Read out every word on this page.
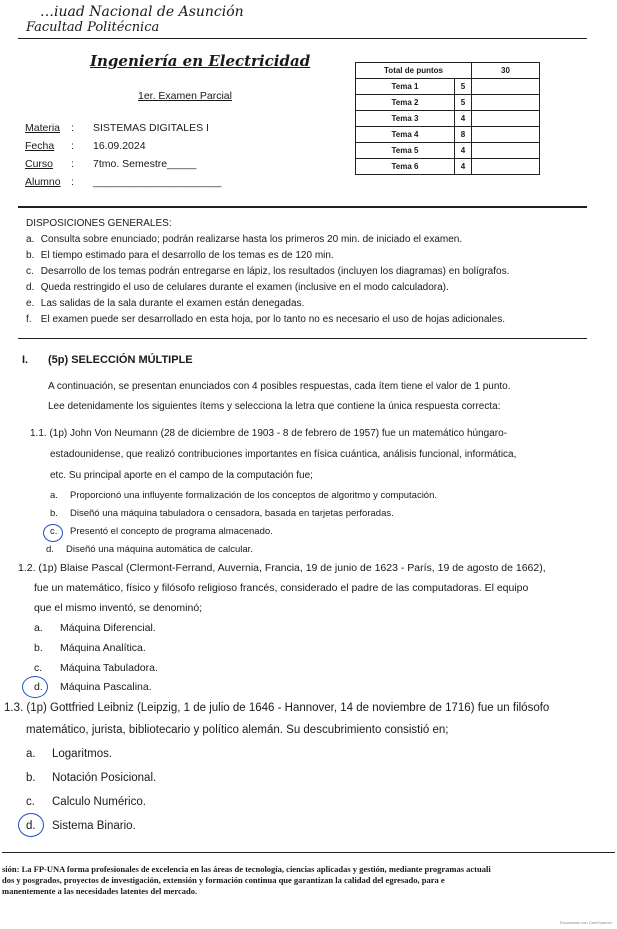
…iuad Nacional de Asunción
Facultad Politécnica
Ingeniería en Electricidad
1er. Examen Parcial
Total de puntos		30
Tema 1	5	
Tema 2	5	
Tema 3	4	
Tema 4	8	
Tema 5	4	
Tema 6	4	
Materia : SISTEMAS DIGITALES I
Fecha : 16.09.2024
Curso : 7tmo. Semestre_____
Alumno : ______________________
DISPOSICIONES GENERALES:
a. Consulta sobre enunciado; podrán realizarse hasta los primeros 20 min. de iniciado el examen.
b. El tiempo estimado para el desarrollo de los temas es de 120 min.
c. Desarrollo de los temas podrán entregarse en lápiz, los resultados (incluyen los diagramas) en bolígrafos.
d. Queda restringido el uso de celulares durante el examen (inclusive en el modo calculadora).
e. Las salidas de la sala durante el examen están denegadas.
f. El examen puede ser desarrollado en esta hoja, por lo tanto no es necesario el uso de hojas adicionales.
I. (5p) SELECCIÓN MÚLTIPLE
A continuación, se presentan enunciados con 4 posibles respuestas, cada ítem tiene el valor de 1 punto.
Lee detenidamente los siguientes ítems y selecciona la letra que contiene la única respuesta correcta:
1.1. (1p) John Von Neumann (28 de diciembre de 1903 - 8 de febrero de 1957) fue un matemático húngaro-
estadounidense, que realizó contribuciones importantes en física cuántica, análisis funcional, informática,
etc. Su principal aporte en el campo de la computación fue;
a. Proporcionó una influyente formalización de los conceptos de algoritmo y computación.
b. Diseñó una máquina tabuladora o censadora, basada en tarjetas perforadas.
c. Presentó el concepto de programa almacenado.
d. Diseñó una máquina automática de calcular.
1.2. (1p) Blaise Pascal (Clermont-Ferrand, Auvernia, Francia, 19 de junio de 1623 - París, 19 de agosto de 1662),
fue un matemático, físico y filósofo religioso francés, considerado el padre de las computadoras. El equipo
que el mismo inventó, se denominó;
a. Máquina Diferencial.
b. Máquina Analítica.
c. Máquina Tabuladora.
d. Máquina Pascalina.
1.3. (1p) Gottfried Leibniz (Leipzig, 1 de julio de 1646 - Hannover, 14 de noviembre de 1716) fue un filósofo
matemático, jurista, bibliotecario y político alemán. Su descubrimiento consistió en;
a. Logaritmos.
b. Notación Posicional.
c. Calculo Numérico.
d. Sistema Binario.
sión: La FP-UNA forma profesionales de excelencia en las áreas de tecnología, ciencias aplicadas y gestión, mediante programas actuali
dos y posgrados, proyectos de investigación, extensión y formación continua que garantizan la calidad del egresado, para e
manentemente a las necesidades latentes del mercado.
Escaneado con CamScanner
